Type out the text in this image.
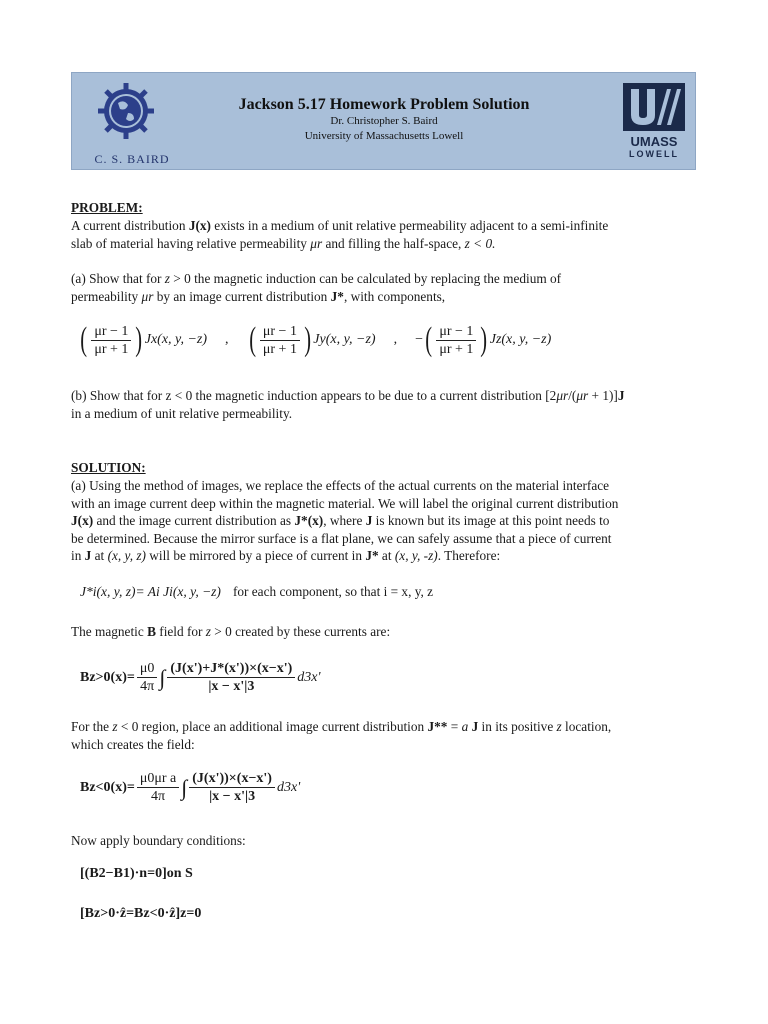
C. S. BAIRD
Jackson 5.17 Homework Problem Solution
Dr. Christopher S. Baird
University of Massachusetts Lowell	UMASS
LOWELL
PROBLEM:
A current distribution J(x) exists in a medium of unit relative permeability adjacent to a semi-infinite
slab of material having relative permeability μr and filling the half-space, z < 0.
(a) Show that for z > 0 the magnetic induction can be calculated by replacing the medium of
permeability μr by an image current distribution J*, with components,
( $\frac{\mu r - 1}{\mu r + 1}$ ) Jx(x, y, −z) , ( $\frac{\mu r - 1}{\mu r + 1}$ ) Jy(x, y, −z) , − ( $\frac{\mu r - 1}{\mu r + 1}$ ) Jz(x, y, −z)
(b) Show that for z < 0 the magnetic induction appears to be due to a current distribution [2μr/(μr + 1)]J
in a medium of unit relative permeability.
SOLUTION:
(a) Using the method of images, we replace the effects of the actual currents on the material interface
with an image current deep within the magnetic material. We will label the original current distribution
J(x) and the image current distribution as J*(x), where J is known but its image at this point needs to
be determined. Because the mirror surface is a flat plane, we can safely assume that a piece of current
in J at (x, y, z) will be mirrored by a piece of current in J* at (x, y, -z). Therefore:
J*i(x, y, z)= Ai Ji(x, y, −z) for each component, so that i = x, y, z
The magnetic B field for z > 0 created by these currents are:
$Bz>0(x)= \frac{\mu 0}{4\pi}$ ∫ $\frac{(J(x')+J*(x'))\times(x-x')}{|x - x'|3} d3x'$
For the z < 0 region, place an additional image current distribution J** = a J in its positive z location,
which creates the field:
$Bz<0(x)= \frac{\text{μ0μr a}}{4\pi}$ ∫ $\frac{(J(x'))\times(x-x')}{|x - x'|3} d3x'$
Now apply boundary conditions:
[(B2−B1)·n=0]on S
[Bz>0·ẑ=Bz<0·ẑ]z=0
